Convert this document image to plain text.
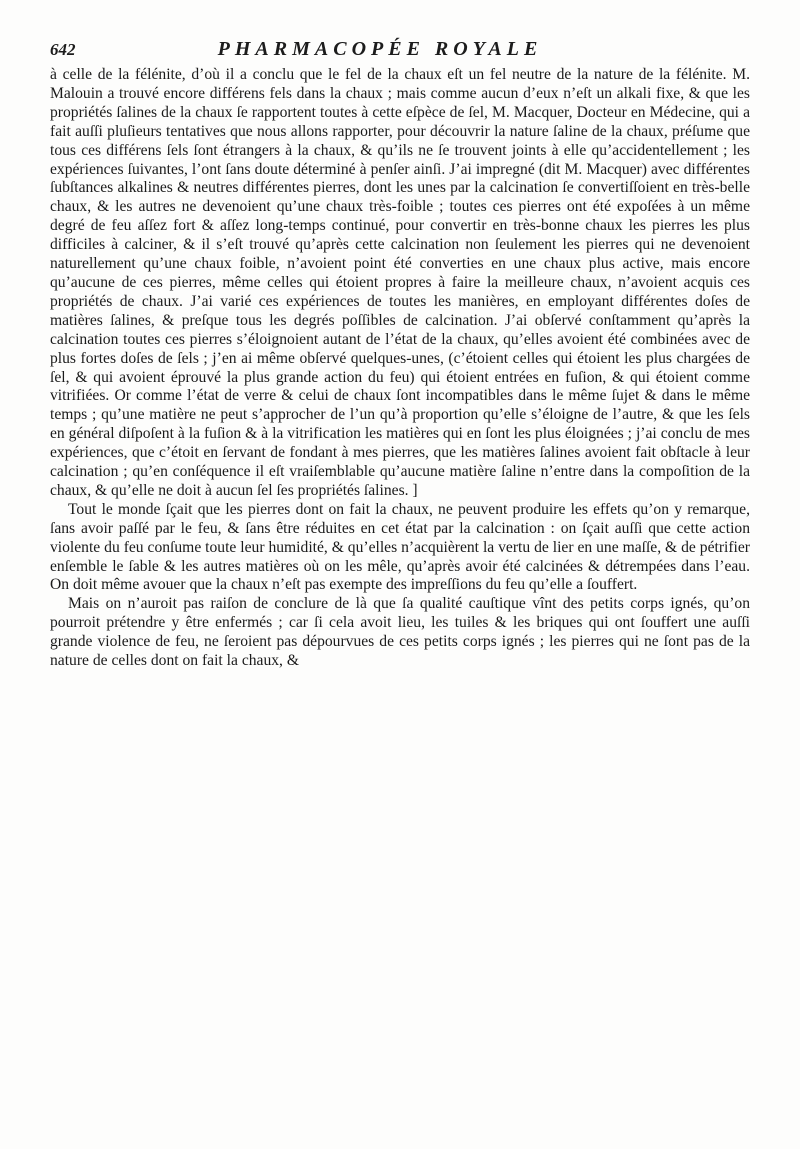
642	PHARMACOPÉE ROYALE

à celle de la félénite, d’où il a conclu que le fel de la chaux eſt un fel neutre de la nature de la félénite. M. Malouin a trouvé encore différens fels dans la chaux ; mais comme aucun d’eux n’eſt un alkali fixe, & que les propriétés ſalines de la chaux ſe rapportent toutes à cette eſpèce de ſel, M. Macquer, Docteur en Médecine, qui a fait auſſi pluſieurs tentatives que nous allons rapporter, pour découvrir la nature ſaline de la chaux, préſume que tous ces différens ſels ſont étrangers à la chaux, & qu’ils ne ſe trouvent joints à elle qu’accidentellement ; les expériences ſuivantes, l’ont ſans doute déterminé à penſer ainſi. J’ai impregné (dit M. Macquer) avec différentes ſubſtances alkalines & neutres différentes pierres, dont les unes par la calcination ſe convertiſſoient en très-belle chaux, & les autres ne devenoient qu’une chaux très-foible ; toutes ces pierres ont été expoſées à un même degré de feu aſſez fort & aſſez long-temps continué, pour convertir en très-bonne chaux les pierres les plus difficiles à calciner, & il s’eſt trouvé qu’après cette calcination non ſeulement les pierres qui ne devenoient naturellement qu’une chaux foible, n’avoient point été converties en une chaux plus active, mais encore qu’aucune de ces pierres, même celles qui étoient propres à faire la meilleure chaux, n’avoient acquis ces propriétés de chaux. J’ai varié ces expériences de toutes les manières, en employant différentes doſes de matières ſalines, & preſque tous les degrés poſſibles de calcination. J’ai obſervé conſtamment qu’après la calcination toutes ces pierres s’éloignoient autant de l’état de la chaux, qu’elles avoient été combinées avec de plus fortes doſes de ſels ; j’en ai même obſervé quelques-unes, (c’étoient celles qui étoient les plus chargées de ſel, & qui avoient éprouvé la plus grande action du feu) qui étoient entrées en fuſion, & qui étoient comme vitrifiées. Or comme l’état de verre & celui de chaux ſont incompatibles dans le même ſujet & dans le même temps ; qu’une matière ne peut s’approcher de l’un qu’à proportion qu’elle s’éloigne de l’autre, & que les ſels en général diſpoſent à la fuſion & à la vitrification les matières qui en ſont les plus éloignées ; j’ai conclu de mes expériences, que c’étoit en ſervant de fondant à mes pierres, que les matières ſalines avoient fait obſtacle à leur calcination ; qu’en conſéquence il eſt vraiſemblable qu’aucune matière ſaline n’entre dans la compoſition de la chaux, & qu’elle ne doit à aucun ſel ſes propriétés ſalines. ]

Tout le monde ſçait que les pierres dont on fait la chaux, ne peuvent produire les effets qu’on y remarque, ſans avoir paſſé par le feu, & ſans être réduites en cet état par la calcination : on ſçait auſſi que cette action violente du feu conſume toute leur humidité, & qu’elles n’acquièrent la vertu de lier en une maſſe, & de pétrifier enſemble le ſable & les autres matières où on les mêle, qu’après avoir été calcinées & détrempées dans l’eau. On doit même avouer que la chaux n’eſt pas exempte des impreſſions du feu qu’elle a ſouffert.

Mais on n’auroit pas raiſon de conclure de là que ſa qualité cauſtique vînt des petits corps ignés, qu’on pourroit prétendre y être enfermés ; car ſi cela avoit lieu, les tuiles & les briques qui ont ſouffert une auſſi grande violence de feu, ne ſeroient pas dépourvues de ces petits corps ignés ; les pierres qui ne ſont pas de la nature de celles dont on fait la chaux, &
